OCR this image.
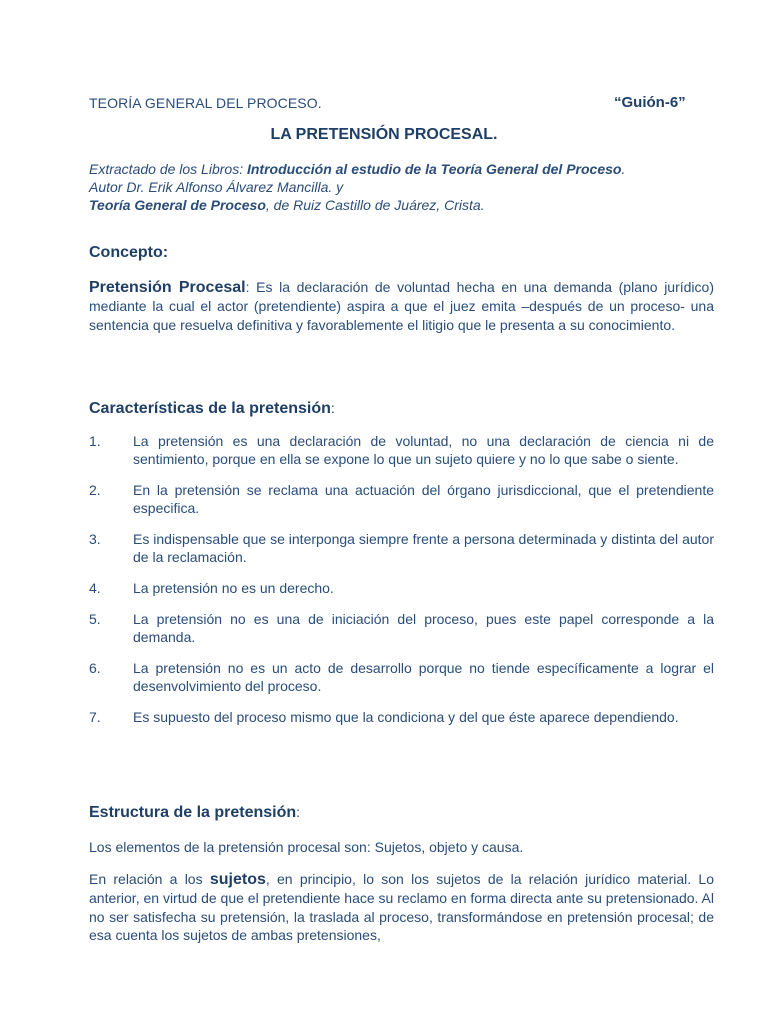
TEORÍA GENERAL DEL PROCESO.	“Guión-6”
LA PRETENSIÓN PROCESAL.
Extractado de los Libros: Introducción al estudio de la Teoría General del Proceso.
Autor Dr. Erik Alfonso Álvarez Mancilla. y
Teoría General de Proceso, de Ruiz Castillo de Juárez, Crista.
Concepto:
Pretensión Procesal: Es la declaración de voluntad hecha en una demanda (plano jurídico) mediante la cual el actor (pretendiente) aspira a que el juez emita –después de un proceso- una sentencia que resuelva definitiva y favorablemente el litigio que le presenta a su conocimiento.
Características de la pretensión:
1.	La pretensión es una declaración de voluntad, no una declaración de ciencia ni de sentimiento, porque en ella se expone lo que un sujeto quiere y no lo que sabe o siente.
2.	En la pretensión se reclama una actuación del órgano jurisdiccional, que el pretendiente especifica.
3.	Es indispensable que se interponga siempre frente a persona determinada y distinta del autor de la reclamación.
4.	La pretensión no es un derecho.
5.	La pretensión no es una de iniciación del proceso, pues este papel corresponde a la demanda.
6.	La pretensión no es un acto de desarrollo porque no tiende específicamente a lograr el desenvolvimiento del proceso.
7.	Es supuesto del proceso mismo que la condiciona y del que éste aparece dependiendo.
Estructura de la pretensión:
Los elementos de la pretensión procesal son: Sujetos, objeto y causa.
En relación a los sujetos, en principio, lo son los sujetos de la relación jurídico material. Lo anterior, en virtud de que el pretendiente hace su reclamo en forma directa ante su pretensionado. Al no ser satisfecha su pretensión, la traslada al proceso, transformándose en pretensión procesal; de esa cuenta los sujetos de ambas pretensiones,
